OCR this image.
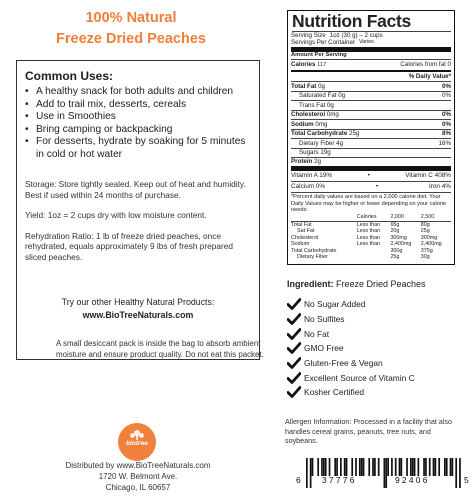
100% Natural
Freeze Dried Peaches
Common Uses:
• A healthy snack for both adults and children
• Add to trail mix, desserts, cereals
• Use in Smoothies
• Bring camping or backpacking
• For desserts, hydrate by soaking for 5 minutes in cold or hot water

Storage: Store tightly sealed. Keep out of heat and humidity. Best if used within 24 months of purchase.

Yield: 1oz = 2 cups dry with low moisture content.

Rehydration Ratio: 1 lb of freeze dried peaches, once rehydrated, equals approximately 9 lbs of fresh prepared sliced peaches.

Try our other Healthy Natural Products:
www.BioTreeNaturals.com
A small desiccant pack is inside the bag to absorb ambient moisture and ensure product quality. Do not eat this packet.
biotree
Distributed by www.BioTreeNaturals.com
1720 W. Belmont Ave.
Chicago, IL 60657
Nutrition Facts
Serving Size 1oz (30 g) – 2 cups
Servings Per Container Varies
Amount Per Serving
Calories 117	Calories from fat 0
% Daily Value*
Total Fat 0g	0%
Saturated Fat 0g	0%
Trans Fat 0g
Cholesterol 0mg	0%
Sodium 0mg	0%
Total Carbohydrate 25g	8%
Dietary Fiber 4g	16%
Sugars 19g
Protein 2g
Vitamin A 19%	•	Vitamin C 408%
Calcium 0%	•	Iron 4%
*Percent daily values are based on a 2,000 calorie diet. Your Daily Values may be higher or lower depending on your calorie needs:
	Calories	2,000	2,500
Total Fat	Less than	65g	80g
Sat Fat	Less than	20g	25g
Cholesterol	Less than	300mg	300mg
Sodium	Less than	2,400mg	2,400mg
Total Carbohydrate		300g	375g
Dietary Fiber		25g	30g
Ingredient: Freeze Dried Peaches
No Sugar Added
No Sulfites
No Fat
GMO Free
Gluten-Free & Vegan
Excellent Source of Vitamin C
Kosher Certified
Allergen Information: Processed in a facility that also handles cereal grains, peanuts, tree nuts, and soybeans.
6	37776	92406	5
